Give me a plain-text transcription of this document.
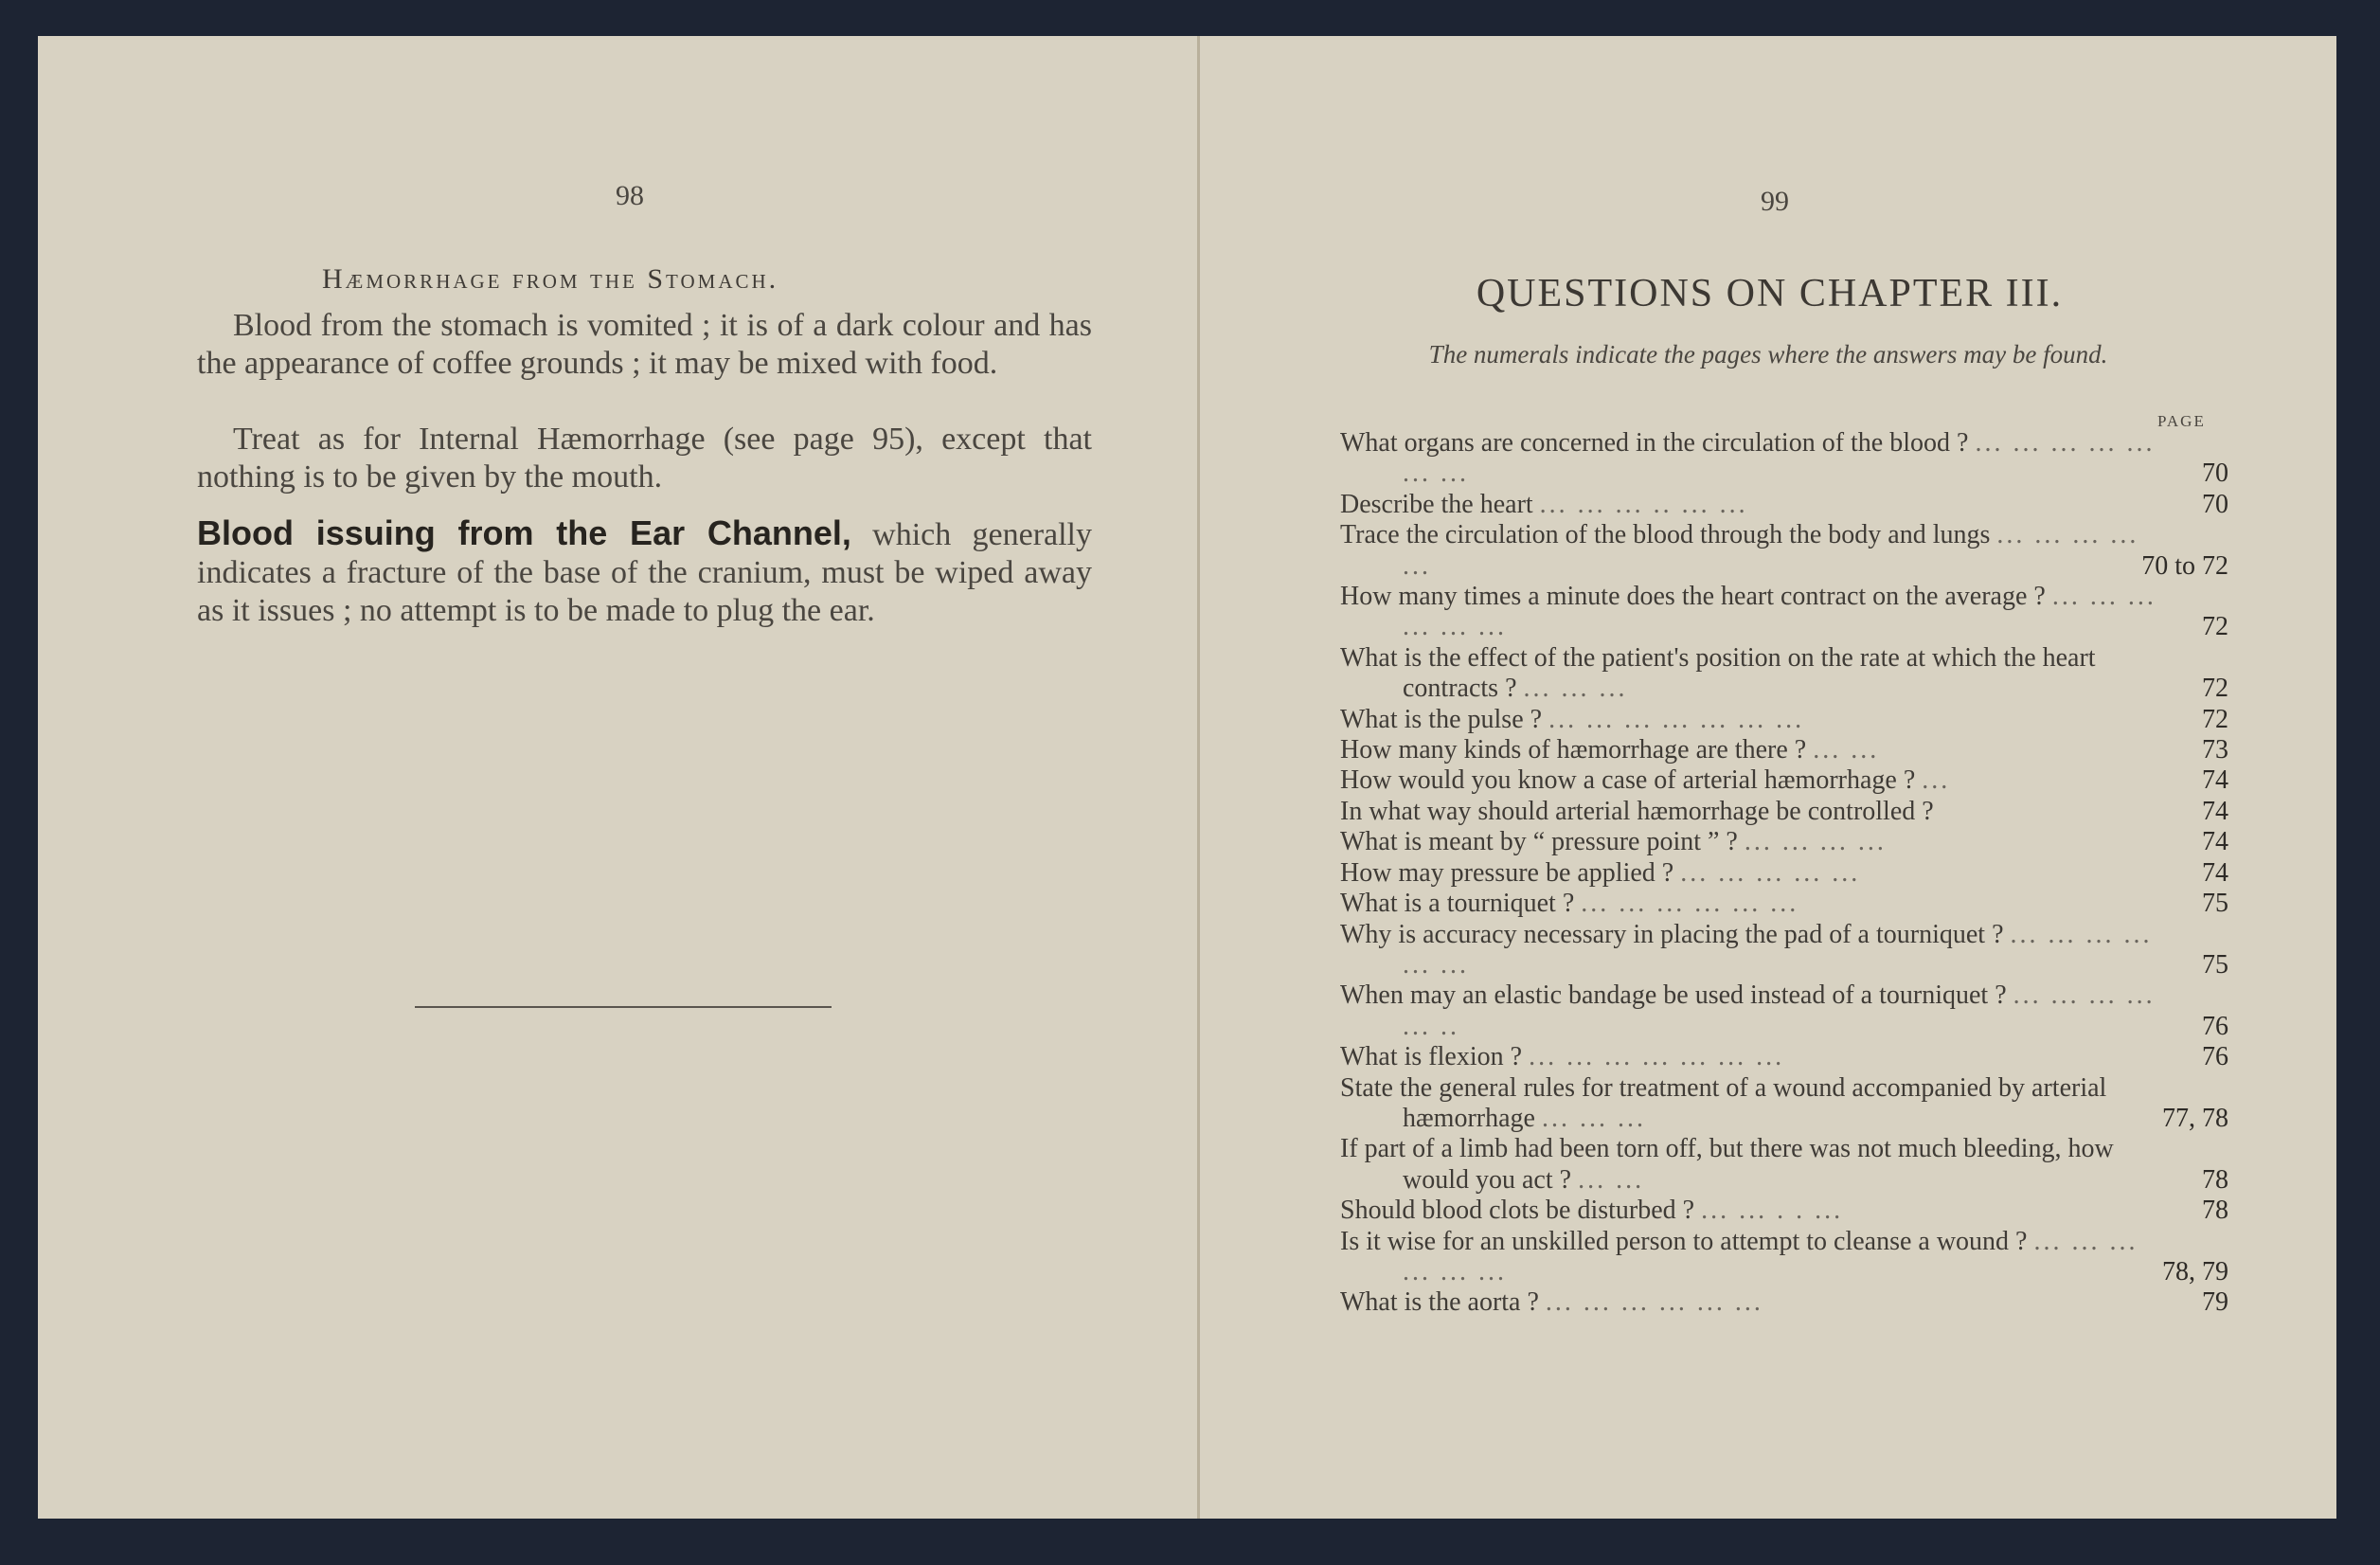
98
Hæmorrhage from the Stomach.

Blood from the stomach is vomited ; it is of a dark colour and has the appearance of coffee grounds ; it may be mixed with food.

Treat as for Internal Hæmorrhage (see page 95), except that nothing is to be given by the mouth.

Blood issuing from the Ear Channel, which generally indicates a fracture of the base of the cranium, must be wiped away as it issues ; no attempt is to be made to plug the ear.

99
QUESTIONS ON CHAPTER III.
The numerals indicate the pages where the answers may be found.
PAGE
What organs are concerned in the circulation of the blood ? ... ... ... ... ... ... ...	70
Describe the heart ... ... ... .. ... ...	70
Trace the circulation of the blood through the body and lungs ... ... ... ... ...	70 to 72
How many times a minute does the heart contract on the average ? ... ... ... ... ... ...	72
What is the effect of the patient's position on the rate at which the heart contracts ? ... ... ...	72
What is the pulse ? ... ... ... ... ... ... ...	72
How many kinds of hæmorrhage are there ? ... ...	73
How would you know a case of arterial hæmorrhage ? ...	74
In what way should arterial hæmorrhage be controlled ?	74
What is meant by “ pressure point ” ? ... ... ... ...	74
How may pressure be applied ? ... ... ... ... ...	74
What is a tourniquet ? ... ... ... ... ... ...	75
Why is accuracy necessary in placing the pad of a tourniquet ? ... ... ... ... ... ...	75
When may an elastic bandage be used instead of a tourniquet ? ... ... ... ... ... ..	76
What is flexion ? ... ... ... ... ... ... ...	76
State the general rules for treatment of a wound accompanied by arterial hæmorrhage ... ... ...	77, 78
If part of a limb had been torn off, but there was not much bleeding, how would you act ? ... ...	78
Should blood clots be disturbed ? ... ... . . ...	78
Is it wise for an unskilled person to attempt to cleanse a wound ? ... ... ... ... ... ...	78, 79
What is the aorta ? ... ... ... ... ... ...	79
